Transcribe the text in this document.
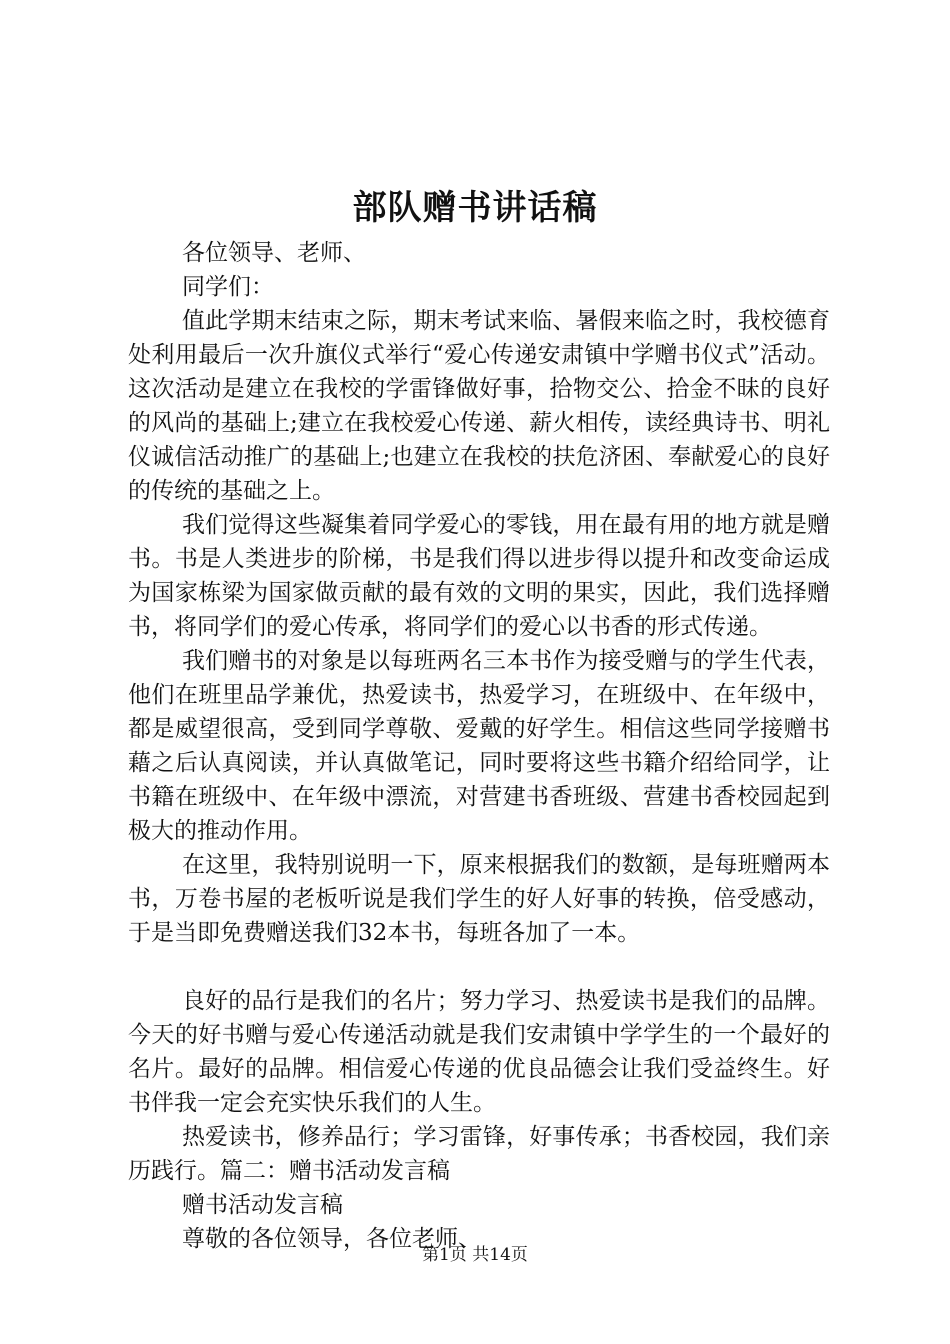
部队赠书讲话稿

各位领导、老师、

同学们：

值此学期末结束之际，期末考试来临、暑假来临之时，我校德育处利用最后一次升旗仪式举行“爱心传递安肃镇中学赠书仪式”活动。这次活动是建立在我校的学雷锋做好事，拾物交公、拾金不昧的良好的风尚的基础上;建立在我校爱心传递、薪火相传，读经典诗书、明礼仪诚信活动推广的基础上;也建立在我校的扶危济困、奉献爱心的良好的传统的基础之上。

我们觉得这些凝集着同学爱心的零钱，用在最有用的地方就是赠书。书是人类进步的阶梯，书是我们得以进步得以提升和改变命运成为国家栋梁为国家做贡献的最有效的文明的果实，因此，我们选择赠书，将同学们的爱心传承，将同学们的爱心以书香的形式传递。

我们赠书的对象是以每班两名三本书作为接受赠与的学生代表，他们在班里品学兼优，热爱读书，热爱学习，在班级中、在年级中，都是威望很高，受到同学尊敬、爱戴的好学生。相信这些同学接赠书藉之后认真阅读，并认真做笔记，同时要将这些书籍介绍给同学，让书籍在班级中、在年级中漂流，对营建书香班级、营建书香校园起到极大的推动作用。

在这里，我特别说明一下，原来根据我们的数额，是每班赠两本书，万卷书屋的老板听说是我们学生的好人好事的转换，倍受感动，于是当即免费赠送我们32本书，每班各加了一本。

良好的品行是我们的名片；努力学习、热爱读书是我们的品牌。今天的好书赠与爱心传递活动就是我们安肃镇中学学生的一个最好的名片。最好的品牌。相信爱心传递的优良品德会让我们受益终生。好书伴我一定会充实快乐我们的人生。

热爱读书，修养品行；学习雷锋，好事传承；书香校园，我们亲历践行。篇二：赠书活动发言稿

赠书活动发言稿

尊敬的各位领导，各位老师、

第1页 共14页
